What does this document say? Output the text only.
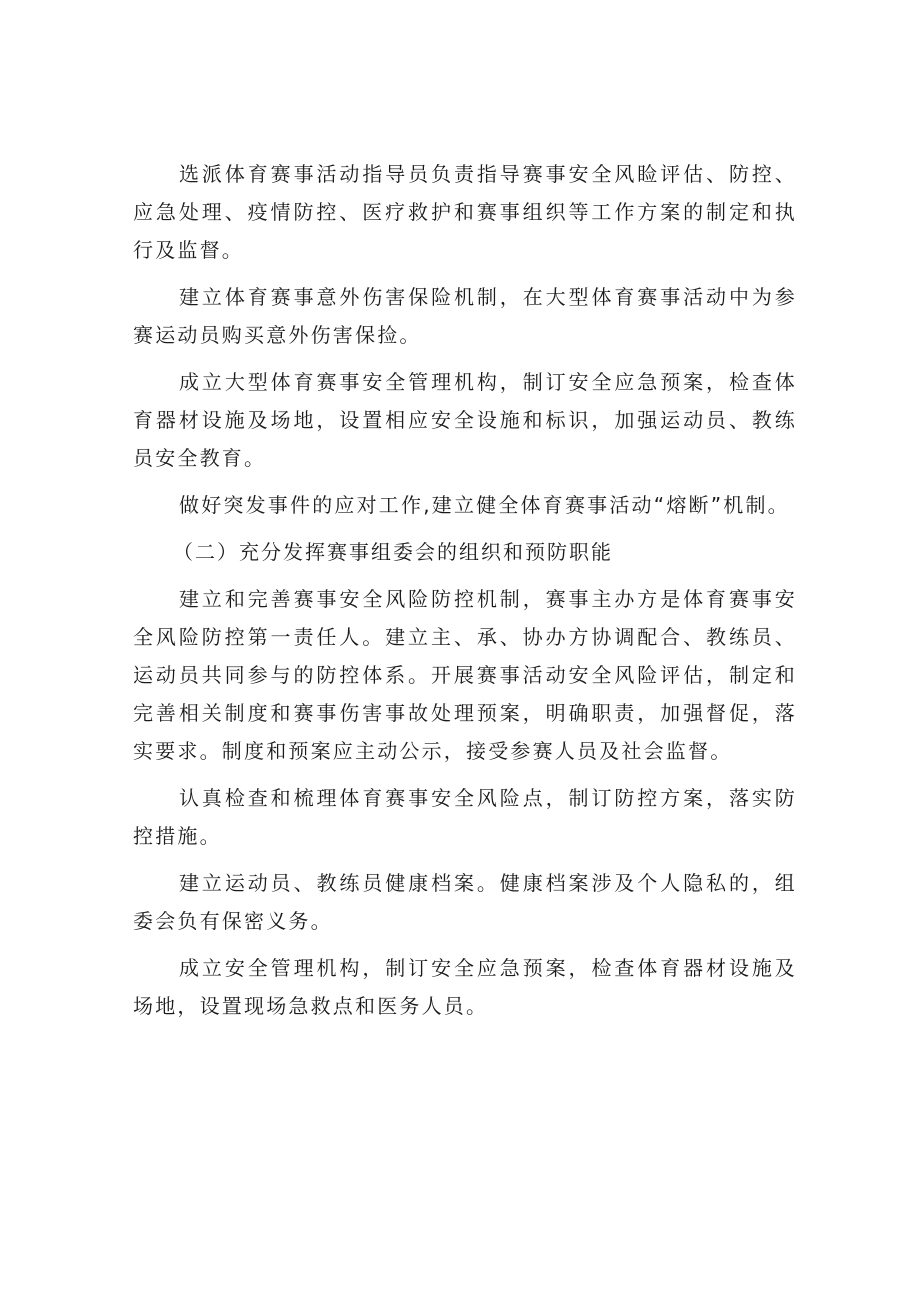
选派体育赛事活动指导员负责指导赛事安全风睑评估、防控、应急处理、疫情防控、医疗救护和赛事组织等工作方案的制定和执行及监督。

建立体育赛事意外伤害保险机制，在大型体育赛事活动中为参赛运动员购买意外伤害保捡。

成立大型体育赛事安全管理机构，制订安全应急预案，检查体育器材设施及场地，设置相应安全设施和标识，加强运动员、教练员安全教育。

做好突发事件的应对工作,建立健全体育赛事活动“熔断”机制。

（二）充分发挥赛事组委会的组织和预防职能

建立和完善赛事安全风险防控机制，赛事主办方是体育赛事安全风险防控第一责任人。建立主、承、协办方协调配合、教练员、运动员共同参与的防控体系。开展赛事活动安全风险评估，制定和完善相关制度和赛事伤害事故处理预案，明确职责，加强督促，落实要求。制度和预案应主动公示，接受参赛人员及社会监督。

认真检查和梳理体育赛事安全风险点，制订防控方案，落实防控措施。

建立运动员、教练员健康档案。健康档案涉及个人隐私的，组委会负有保密义务。

成立安全管理机构，制订安全应急预案，检查体育器材设施及场地，设置现场急救点和医务人员。
